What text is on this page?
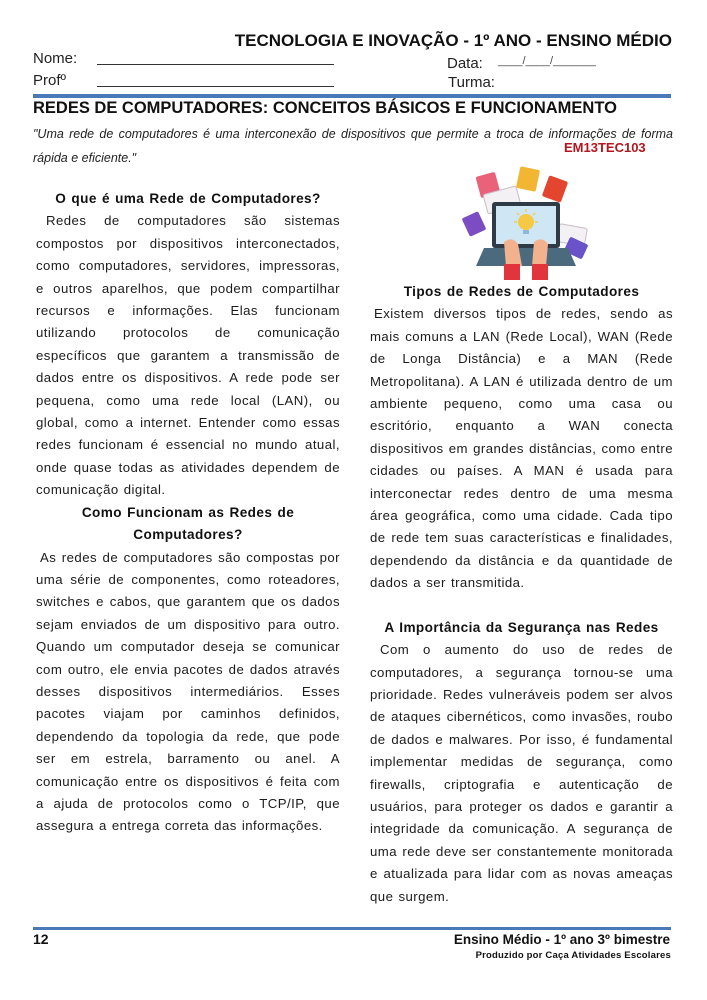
TECNOLOGIA E INOVAÇÃO - 1º ANO - ENSINO MÉDIO
Nome:
Profº
Data: ____/____/_______
Turma:
REDES DE COMPUTADORES: CONCEITOS BÁSICOS E FUNCIONAMENTO
"Uma rede de computadores é uma interconexão de dispositivos que permite a troca de informações de forma rápida e eficiente."
EM13TEC103
O que é uma Rede de Computadores?

Redes de computadores são sistemas compostos por dispositivos interconectados, como computadores, servidores, impressoras, e outros aparelhos, que podem compartilhar recursos e informações. Elas funcionam utilizando protocolos de comunicação específicos que garantem a transmissão de dados entre os dispositivos. A rede pode ser pequena, como uma rede local (LAN), ou global, como a internet. Entender como essas redes funcionam é essencial no mundo atual, onde quase todas as atividades dependem de comunicação digital.

Como Funcionam as Redes de Computadores?

As redes de computadores são compostas por uma série de componentes, como roteadores, switches e cabos, que garantem que os dados sejam enviados de um dispositivo para outro. Quando um computador deseja se comunicar com outro, ele envia pacotes de dados através desses dispositivos intermediários. Esses pacotes viajam por caminhos definidos, dependendo da topologia da rede, que pode ser em estrela, barramento ou anel. A comunicação entre os dispositivos é feita com a ajuda de protocolos como o TCP/IP, que assegura a entrega correta das informações.

Tipos de Redes de Computadores

Existem diversos tipos de redes, sendo as mais comuns a LAN (Rede Local), WAN (Rede de Longa Distância) e a MAN (Rede Metropolitana). A LAN é utilizada dentro de um ambiente pequeno, como uma casa ou escritório, enquanto a WAN conecta dispositivos em grandes distâncias, como entre cidades ou países. A MAN é usada para interconectar redes dentro de uma mesma área geográfica, como uma cidade. Cada tipo de rede tem suas características e finalidades, dependendo da distância e da quantidade de dados a ser transmitida.

A Importância da Segurança nas Redes

Com o aumento do uso de redes de computadores, a segurança tornou-se uma prioridade. Redes vulneráveis podem ser alvos de ataques cibernéticos, como invasões, roubo de dados e malwares. Por isso, é fundamental implementar medidas de segurança, como firewalls, criptografia e autenticação de usuários, para proteger os dados e garantir a integridade da comunicação. A segurança de uma rede deve ser constantemente monitorada e atualizada para lidar com as novas ameaças que surgem.

12	Ensino Médio - 1º ano 3º bimestre
Produzido por Caça Atividades Escolares
